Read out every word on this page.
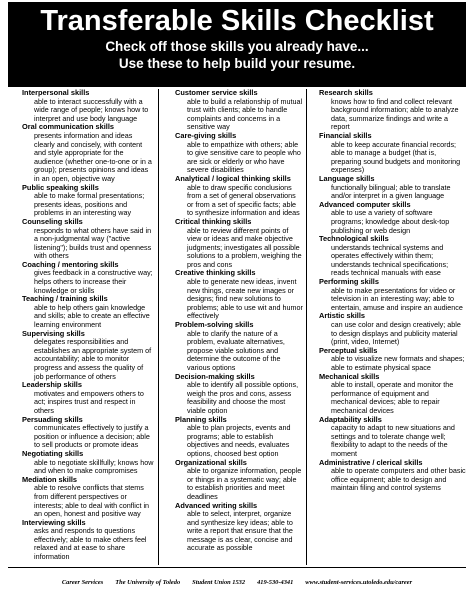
Transferable Skills Checklist
Check off those skills you already have...
Use these to help build your resume.
Interpersonal skills
able to interact successfully with a wide range of people; knows how to interpret and use body language
Oral communication skills
presents information and ideas clearly and concisely, with content and style appropriate for the audience (whether one-to-one or in a group); presents opinions and ideas in an open, objective way
Public speaking skills
able to make formal presentations; presents ideas, positions and problems in an interesting way
Counseling skills
responds to what others have said in a non-judgmental way ("active listening"); builds trust and openness with others
Coaching / mentoring skills
gives feedback in a constructive way; helps others to increase their knowledge or skills
Teaching / training skills
able to help others gain knowledge and skills; able to create an effective learning environment
Supervising skills
delegates responsibilities and establishes an appropriate system of accountability; able to monitor progress and assess the quality of job performance of others
Leadership skills
motivates and empowers others to act; inspires trust and respect in others
Persuading skills
communicates effectively to justify a position or influence a decision; able to sell products or promote ideas
Negotiating skills
able to negotiate skillfully; knows how and when to make compromises
Mediation skills
able to resolve conflicts that stems from different perspectives or interests; able to deal with conflict in an open, honest and positive way
Interviewing skills
asks and responds to questions effectively; able to make others feel relaxed and at ease to share information
Customer service skills
able to build a relationship of mutual trust with clients; able to handle complaints and concerns in a sensitive way
Care-giving skills
able to empathize with others; able to give sensitive care to people who are sick or elderly or who have severe disabilities
Analytical / logical thinking skills
able to draw specific conclusions from a set of general observations or from a set of specific facts; able to synthesize information and ideas
Critical thinking skills
able to review different points of view or ideas and make objective judgments; investigates all possible solutions to a problem, weighing the pros and cons
Creative thinking skills
able to generate new ideas, invent new things, create new images or designs; find new solutions to problems; able to use wit and humor effectively
Problem-solving skills
able to clarify the nature of a problem, evaluate alternatives, propose viable solutions and determine the outcome of the various options
Decision-making skills
able to identify all possible options, weigh the pros and cons, assess feasibility and choose the most viable option
Planning skills
able to plan projects, events and programs; able to establish objectives and needs, evaluates options, choosed best option
Organizational skills
able to organize information, people or things in a systematic way; able to establish priorities and meet deadlines
Advanced writing skills
able to select, interpret, organize and synthesize key ideas; able to write a report that ensure that the message is as clear, concise and accurate as possible
Research skills
knows how to find and collect relevant background information; able to analyze data, summarize findings and write a report
Financial skills
able to keep accurate financial records; able to manage a budget (that is, preparing sound budgets and monitoring expenses)
Language skills
functionally bilingual; able to translate and/or interpret in a given language
Advanced computer skills
able to use a variety of software programs; knowledge about desk-top publishing or web design
Technological skills
understands technical systems and operates effectively within them; understands technical specifications; reads technical manuals with ease
Performing skills
able to make presentations for video or television in an interesting way; able to entertain, amuse and inspire an audience
Artistic skills
can use color and design creatively; able to design displays and publicity material (print, video, Internet)
Perceptual skills
able to visualize new formats and shapes; able to estimate physical space
Mechanical skills
able to install, operate and monitor the performance of equipment and mechanical devices; able to repair mechanical devices
Adaptability skills
capacity to adapt to new situations and settings and to tolerate change well; flexibility to adapt to the needs of the moment
Administrative / clerical skills
able to operate computers and other basic office equipment; able to design and maintain filing and control systems
Career Services The University of Toledo Student Union 1532 419-530-4341 www.student-services.utoledo.edu/career
